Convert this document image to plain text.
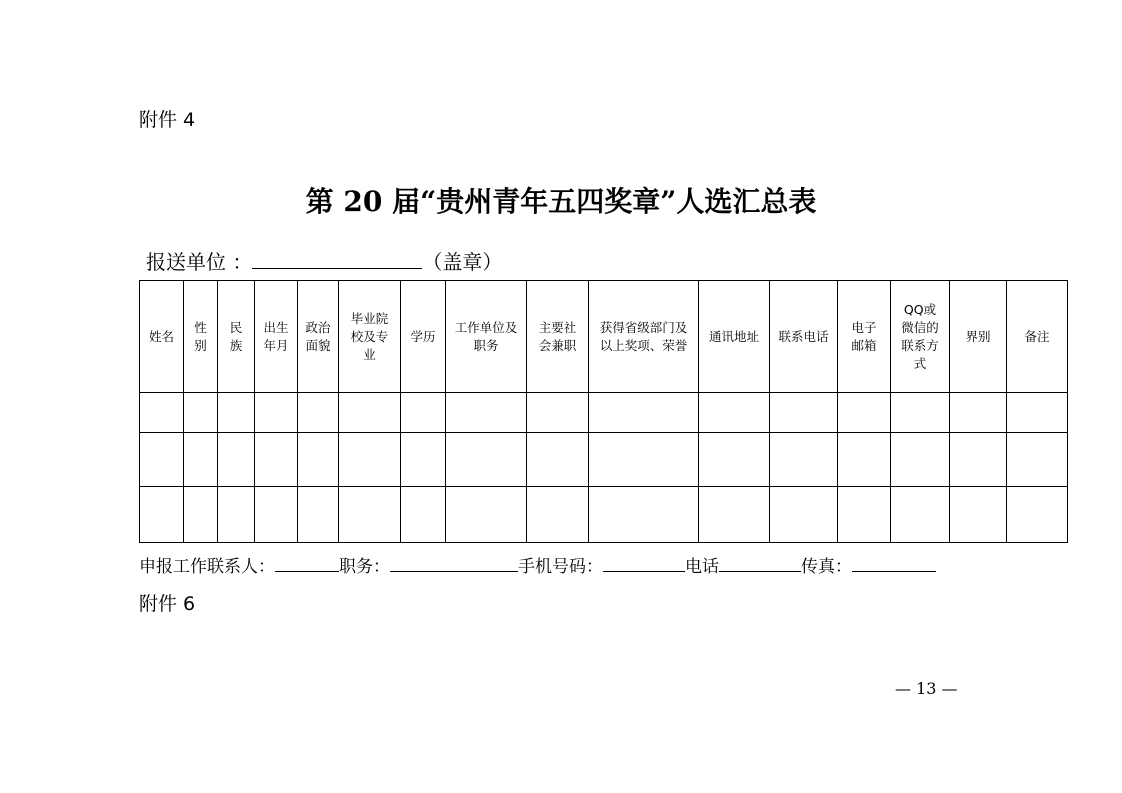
附件 4
第 20 届“贵州青年五四奖章”人选汇总表
报送单位 ：	（盖章）
姓名	性别	民族	出生年月	政治面貌	毕业院校及专业	学历	工作单位及职务	主要社会兼职	获得省级部门及以上奖项、荣誉	通讯地址	联系电话	电子邮箱	QQ或微信的联系方式	界别	备注

申报工作联系人：	职务：	手机号码：	电话	传真：
附件 6
— 13 —
